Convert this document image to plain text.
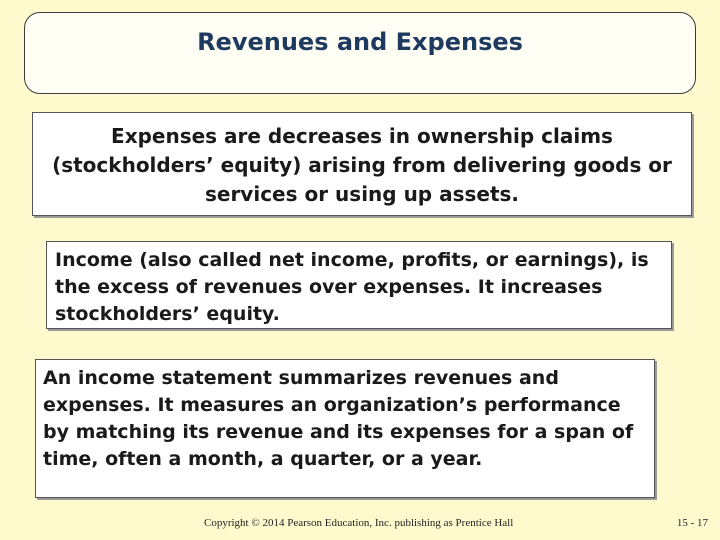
Revenues and Expenses
Expenses are decreases in ownership claims (stockholders’ equity) arising from delivering goods or services or using up assets.
Income (also called net income, profits, or earnings), is the excess of revenues over expenses. It increases stockholders’ equity.
An income statement summarizes revenues and expenses. It measures an organization’s performance by matching its revenue and its expenses for a span of time, often a month, a quarter, or a year.
Copyright © 2014 Pearson Education, Inc. publishing as Prentice Hall	15 - 17
